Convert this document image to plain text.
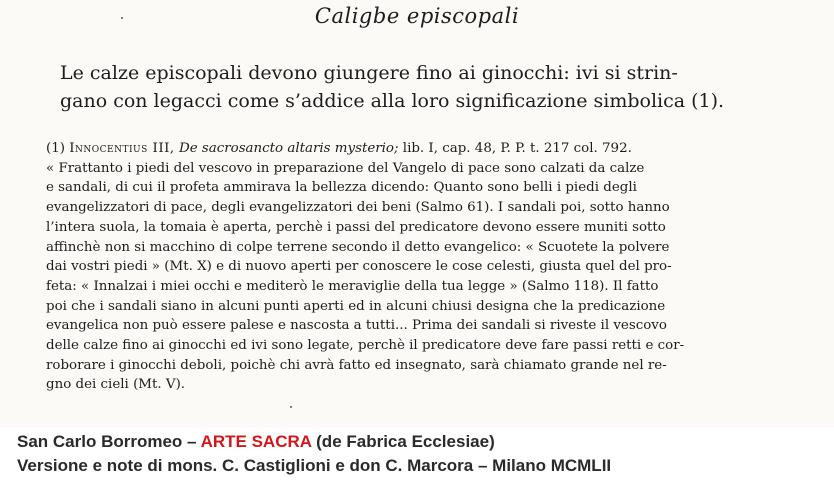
Caligbe episcopali

Le calze episcopali devono giungere fino ai ginocchi: ivi si strin-
gano con legacci come s’addice alla loro significazione simbolica (1).

(1) Innocentius III, De sacrosancto altaris mysterio; lib. I, cap. 48, P. P. t. 217 col. 792.
« Frattanto i piedi del vescovo in preparazione del Vangelo di pace sono calzati da calze
e sandali, di cui il profeta ammirava la bellezza dicendo: Quanto sono belli i piedi degli
evangelizzatori di pace, degli evangelizzatori dei beni (Salmo 61). I sandali poi, sotto hanno
l’intera suola, la tomaia è aperta, perchè i passi del predicatore devono essere muniti sotto
affinchè non si macchino di colpe terrene secondo il detto evangelico: « Scuotete la polvere
dai vostri piedi » (Mt. X) e di nuovo aperti per conoscere le cose celesti, giusta quel del pro-
feta: « Innalzai i miei occhi e mediterò le meraviglie della tua legge » (Salmo 118). Il fatto
poi che i sandali siano in alcuni punti aperti ed in alcuni chiusi designa che la predicazione
evangelica non può essere palese e nascosta a tutti... Prima dei sandali si riveste il vescovo
delle calze fino ai ginocchi ed ivi sono legate, perchè il predicatore deve fare passi retti e cor-
roborare i ginocchi deboli, poichè chi avrà fatto ed insegnato, sarà chiamato grande nel re-
gno dei cieli (Mt. V).
San Carlo Borromeo – ARTE SACRA (de Fabrica Ecclesiae)
Versione e note di mons. C. Castiglioni e don C. Marcora – Milano MCMLII
